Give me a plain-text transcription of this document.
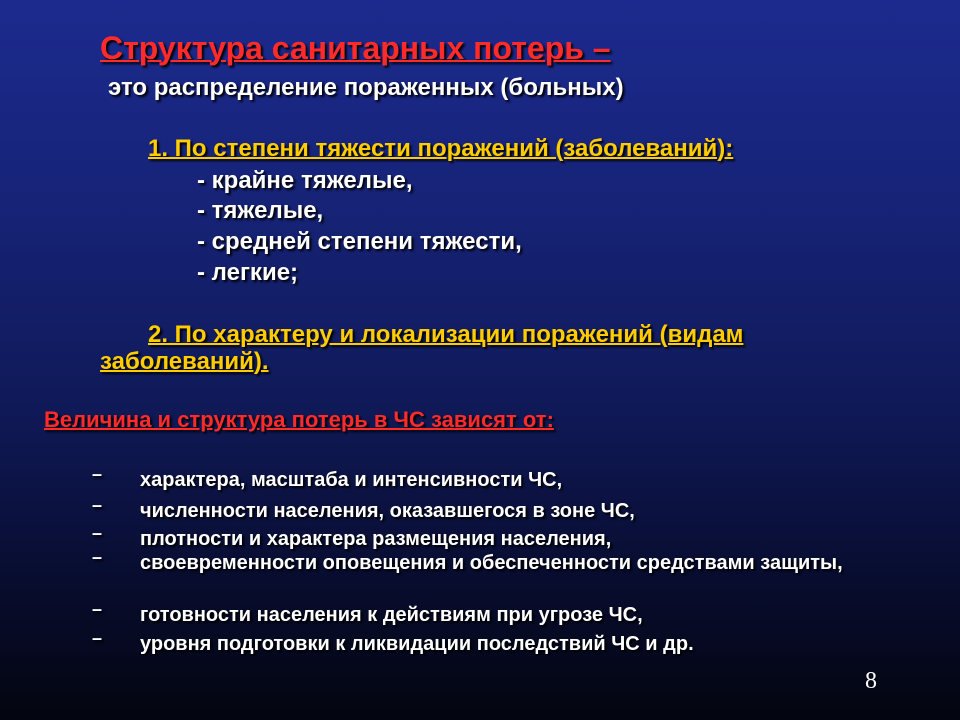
Структура санитарных потерь –
это распределение пораженных (больных)
1. По степени тяжести поражений (заболеваний):
- крайне тяжелые,
- тяжелые,
- средней степени тяжести,
- легкие;
2. По характеру и локализации поражений (видам заболеваний).
Величина и структура потерь в ЧС зависят от:
– характера, масштаба и интенсивности ЧС,
– численности населения, оказавшегося в зоне ЧС,
– плотности и характера размещения населения,
– своевременности оповещения и обеспеченности средствами защиты,
– готовности населения к действиям при угрозе ЧС,
– уровня подготовки к ликвидации последствий ЧС и др.
8
